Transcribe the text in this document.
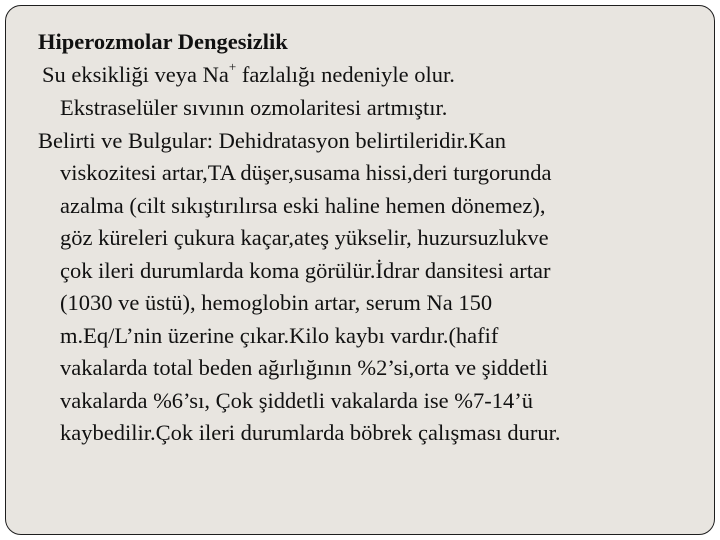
Hiperozmolar Dengesizlik
Su eksikliği veya Na+ fazlalığı nedeniyle olur.
Ekstraselüler sıvının ozmolaritesi artmıştır.
Belirti ve Bulgular: Dehidratasyon belirtileridir.Kan
viskozitesi artar,TA düşer,susama hissi,deri turgorunda
azalma (cilt sıkıştırılırsa eski haline hemen dönemez),
göz küreleri çukura kaçar,ateş yükselir, huzursuzlukve
çok ileri durumlarda koma görülür.İdrar dansitesi artar
(1030 ve üstü), hemoglobin artar, serum Na 150
m.Eq/L’nin üzerine çıkar.Kilo kaybı vardır.(hafif
vakalarda total beden ağırlığının %2’si,orta ve şiddetli
vakalarda %6’sı, Çok şiddetli vakalarda ise %7-14’ü
kaybedilir.Çok ileri durumlarda böbrek çalışması durur.
